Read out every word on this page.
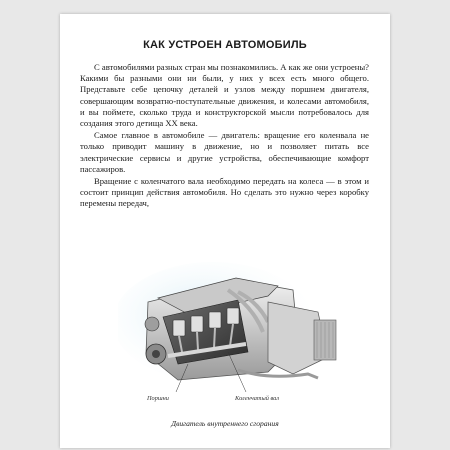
КАК УСТРОЕН АВТОМОБИЛЬ

С автомобилями разных стран мы познакомились. А как же они устроены? Какими бы разными они ни были, у них у всех есть много общего. Представьте себе цепочку деталей и узлов между поршнем двигателя, совершающим возвратно-поступательные движения, и колесами автомобиля, и вы поймете, сколько труда и конструкторской мысли потребовалось для создания этого детища XX века.

Самое главное в автомобиле — двигатель: вращение его коленвала не только приводит машину в движение, но и позволяет питать все электрические сервисы и другие устройства, обеспечивающие комфорт пассажиров.

Вращение с коленчатого вала необходимо передать на колеса — в этом и состоит принцип действия автомобиля. Но сделать это нужно через коробку перемены передач,

Поршни	Коленчатый вал
Двигатель внутреннего сгорания
